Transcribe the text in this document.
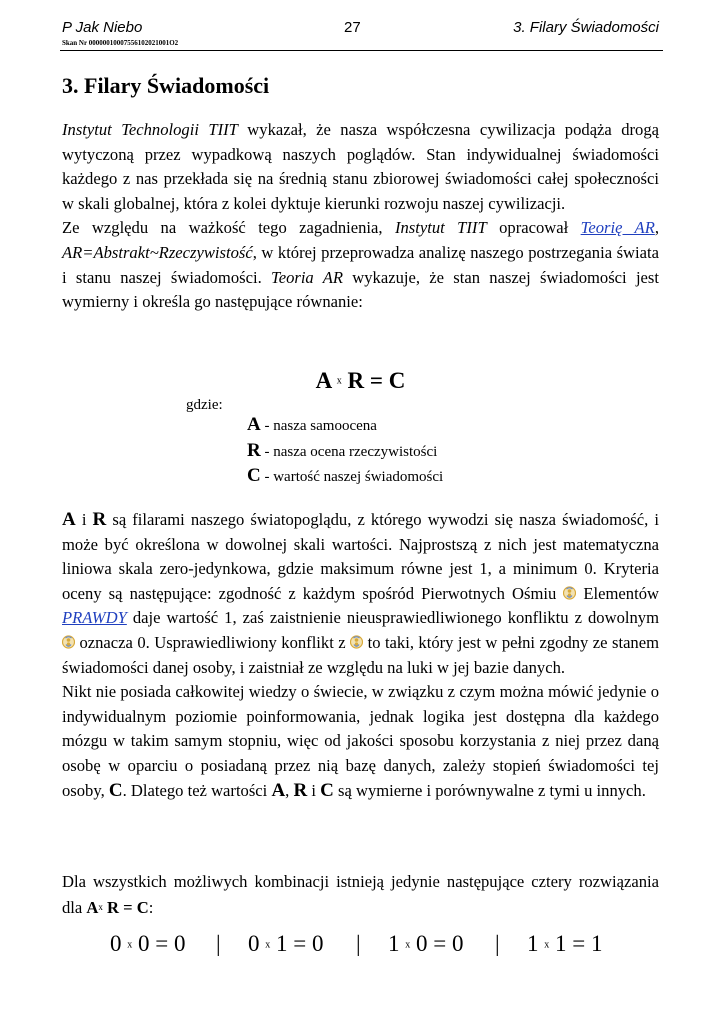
P Jak Niebo	27	3. Filary Świadomości
Skan Nr 00000010007556102021001O2
3. Filary Świadomości

Instytut Technologii TIIT wykazał, że nasza współczesna cywilizacja podąża drogą wytyczoną przez wypadkową naszych poglądów. Stan indywidualnej świadomości każdego z nas przekłada się na średnią stanu zbiorowej świadomości całej społeczności w skali globalnej, która z kolei dyktuje kierunki rozwoju naszej cywilizacji.

Ze względu na ważkość tego zagadnienia, Instytut TIIT opracował Teorię AR, AR=Abstrakt~Rzeczywistość, w której przeprowadza analizę naszego postrzegania świata i stanu naszej świadomości. Teoria AR wykazuje, że stan naszej świadomości jest wymierny i określa go następujące równanie:

A x R = C
gdzie:
A - nasza samoocena
R - nasza ocena rzeczywistości
C - wartość naszej świadomości

A i R są filarami naszego światopoglądu, z którego wywodzi się nasza świadomość, i może być określona w dowolnej skali wartości. Najprostszą z nich jest matematyczna liniowa skala zero-jedynkowa, gdzie maksimum równe jest 1, a minimum 0. Kryteria oceny są następujące: zgodność z każdym spośród Pierwotnych Ośmiu  Elementów PRAWDY daje wartość 1, zaś zaistnienie nieusprawiedliwionego konfliktu z dowolnym  oznacza 0. Usprawiedliwiony konflikt z  to taki, który jest w pełni zgodny ze stanem świadomości danej osoby, i zaistniał ze względu na luki w jej bazie danych.

Nikt nie posiada całkowitej wiedzy o świecie, w związku z czym można mówić jedynie o indywidualnym poziomie poinformowania, jednak logika jest dostępna dla każdego mózgu w takim samym stopniu, więc od jakości sposobu korzystania z niej przez daną osobę w oparciu o posiadaną przez nią bazę danych, zależy stopień świadomości tej osoby, C. Dlatego też wartości A, R i C są wymierne i porównywalne z tymi u innych.

Dla wszystkich możliwych kombinacji istnieją jedynie następujące cztery rozwiązania dla Ax R = C:

0 x 0 = 0 | 0 x 1 = 0 | 1 x 0 = 0 | 1 x 1 = 1
